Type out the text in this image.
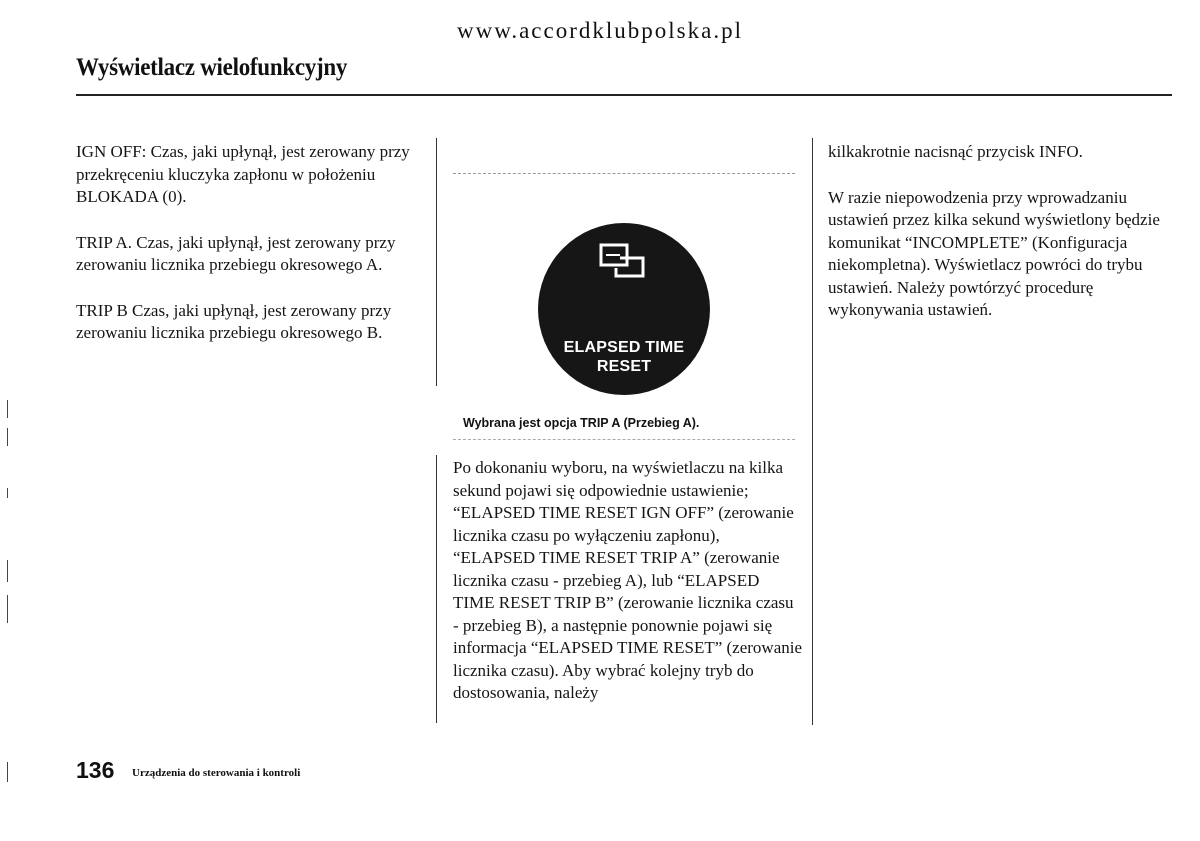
www.accordklubpolska.pl
Wyświetlacz wielofunkcyjny

IGN OFF: Czas, jaki upłynął, jest zerowany przy przekręceniu kluczyka zapłonu w położeniu BLOKADA (0).

TRIP A. Czas, jaki upłynął, jest zerowany przy zerowaniu licznika przebiegu okresowego A.

TRIP B Czas, jaki upłynął, jest zerowany przy zerowaniu licznika przebiegu okresowego B.

ELAPSED TIME
RESET
TRIP A
Wybrana jest opcja TRIP A (Przebieg A).

Po dokonaniu wyboru, na wyświetlaczu na kilka sekund pojawi się odpowiednie ustawienie; “ELAPSED TIME RESET IGN OFF” (zerowanie licznika czasu po wyłączeniu zapłonu), “ELAPSED TIME RESET TRIP A” (zerowanie licznika czasu - przebieg A), lub “ELAPSED TIME RESET TRIP B” (zerowanie licznika czasu - przebieg B), a następnie ponownie pojawi się informacja “ELAPSED TIME RESET” (zerowanie licznika czasu). Aby wybrać kolejny tryb do dostosowania, należy

kilkakrotnie nacisnąć przycisk INFO.

W razie niepowodzenia przy wprowadzaniu ustawień przez kilka sekund wyświetlony będzie komunikat “INCOMPLETE” (Konfiguracja niekompletna). Wyświetlacz powróci do trybu ustawień. Należy powtórzyć procedurę wykonywania ustawień.

136 Urządzenia do sterowania i kontroli
